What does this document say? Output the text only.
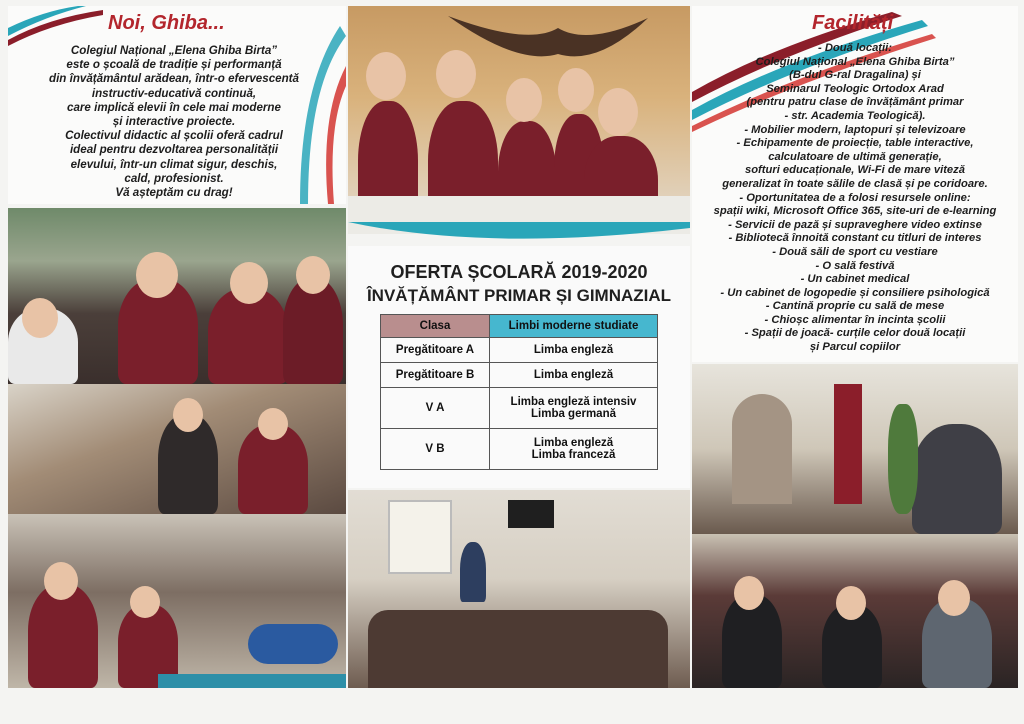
Noi, Ghiba...
Colegiul Național „Elena Ghiba Birta”
este o școală de tradiție și performanță
din învățământul arădean, într-o efervescentă
instructiv-educativă continuă,
care implică elevii în cele mai moderne
și interactive proiecte.
Colectivul didactic al școlii oferă cadrul
ideal pentru dezvoltarea personalității
elevului, într-un climat sigur, deschis,
cald, profesionist.
Vă așteptăm cu drag!
OFERTA ȘCOLARĂ 2019-2020
ÎNVĂȚĂMÂNT PRIMAR ȘI GIMNAZIAL
Clasa	Limbi moderne studiate
Pregătitoare A	Limba engleză
Pregătitoare B	Limba engleză
V A	Limba engleză intensiv
Limba germană

V B	Limba engleză
Limba franceză
Facilități
- Două locații:
Colegiul Național „Elena Ghiba Birta”
(B-dul G-ral Dragalina) și
Seminarul Teologic Ortodox Arad
(pentru patru clase de învățământ primar
- str. Academia Teologică).
- Mobilier modern, laptopuri și televizoare
- Echipamente de proiecție, table interactive,
calculatoare de ultimă generație,
softuri educaționale, Wi-Fi de mare viteză
generalizat în toate sălile de clasă și pe coridoare.
- Oportunitatea de a folosi resursele online:
spații wiki, Microsoft Office 365, site-uri de e-learning
- Servicii de pază și supraveghere video extinse
- Bibliotecă înnoită constant cu titluri de interes
- Două săli de sport cu vestiare
- O sală festivă
- Un cabinet medical
- Un cabinet de logopedie și consiliere psihologică
- Cantină proprie cu sală de mese
- Chioșc alimentar în incinta școlii
- Spații de joacă- curțile celor două locații
și Parcul copiilor
